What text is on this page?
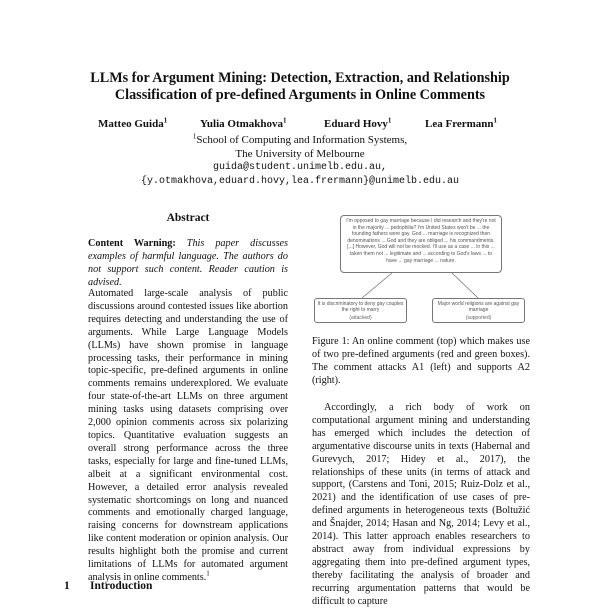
LLMs for Argument Mining: Detection, Extraction, and Relationship
Classification of pre-defined Arguments in Online Comments
Matteo Guida$^1$	Yulia Otmakhova$^1$	Eduard Hovy$^1$	Lea Frermann$^1$
$^1$School of Computing and Information Systems,
The University of Melbourne
guida@student.unimelb.edu.au,
{y.otmakhova,eduard.hovy,lea.frermann}@unimelb.edu.au
Abstract
Content Warning: This paper discusses examples of harmful language. The authors do not support such content. Reader caution is advised.
Automated large-scale analysis of public discussions around contested issues like abortion requires detecting and understanding the use of arguments. While Large Language Models (LLMs) have shown promise in language processing tasks, their performance in mining topic-specific, pre-defined arguments in online comments remains underexplored. We evaluate four state-of-the-art LLMs on three argument mining tasks using datasets comprising over 2,000 opinion comments across six polarizing topics. Quantitative evaluation suggests an overall strong performance across the three tasks, especially for large and fine-tuned LLMs, albeit at a significant environmental cost. However, a detailed error analysis revealed systematic shortcomings on long and nuanced comments and emotionally charged language, raising concerns for downstream applications like content moderation or opinion analysis. Our results highlight both the promise and current limitations of LLMs for automated argument analysis in online comments.$^1$
1 Introduction
I'm opposed to gay marriage because I did research and they're not in the majority ... pedophilia? I'm United States won't be ... the founding fathers were gay. God ... marriage is recognized then denominations ... God and they are obliged ... his commandments. [...] However, God will not be mocked. I'll use as a case ... in this ... taken them not ... legitimate and ... according to God's laws ... to have ... gay marriage ... nature.
It is discriminatory to deny gay couples the right to marry
(attacked)
Major world religions are against gay marriage
(supported)
Figure 1: An online comment (top) which makes use of two pre-defined arguments (red and green boxes). The comment attacks A1 (left) and supports A2 (right).
Accordingly, a rich body of work on computational argument mining and understanding has emerged which includes the detection of argumentative discourse units in texts (Habernal and Gurevych, 2017; Hidey et al., 2017), the relationships of these units (in terms of attack and support, (Carstens and Toni, 2015; Ruiz-Dolz et al., 2021) and the identification of use cases of pre-defined arguments in heterogeneous texts (Boltužić and Šnajder, 2014; Hasan and Ng, 2014; Levy et al., 2014). This latter approach enables researchers to abstract away from individual expressions by aggregating them into pre-defined argument types, thereby facilitating the analysis of broader and recurring argumentation patterns that would be difficult to capture
